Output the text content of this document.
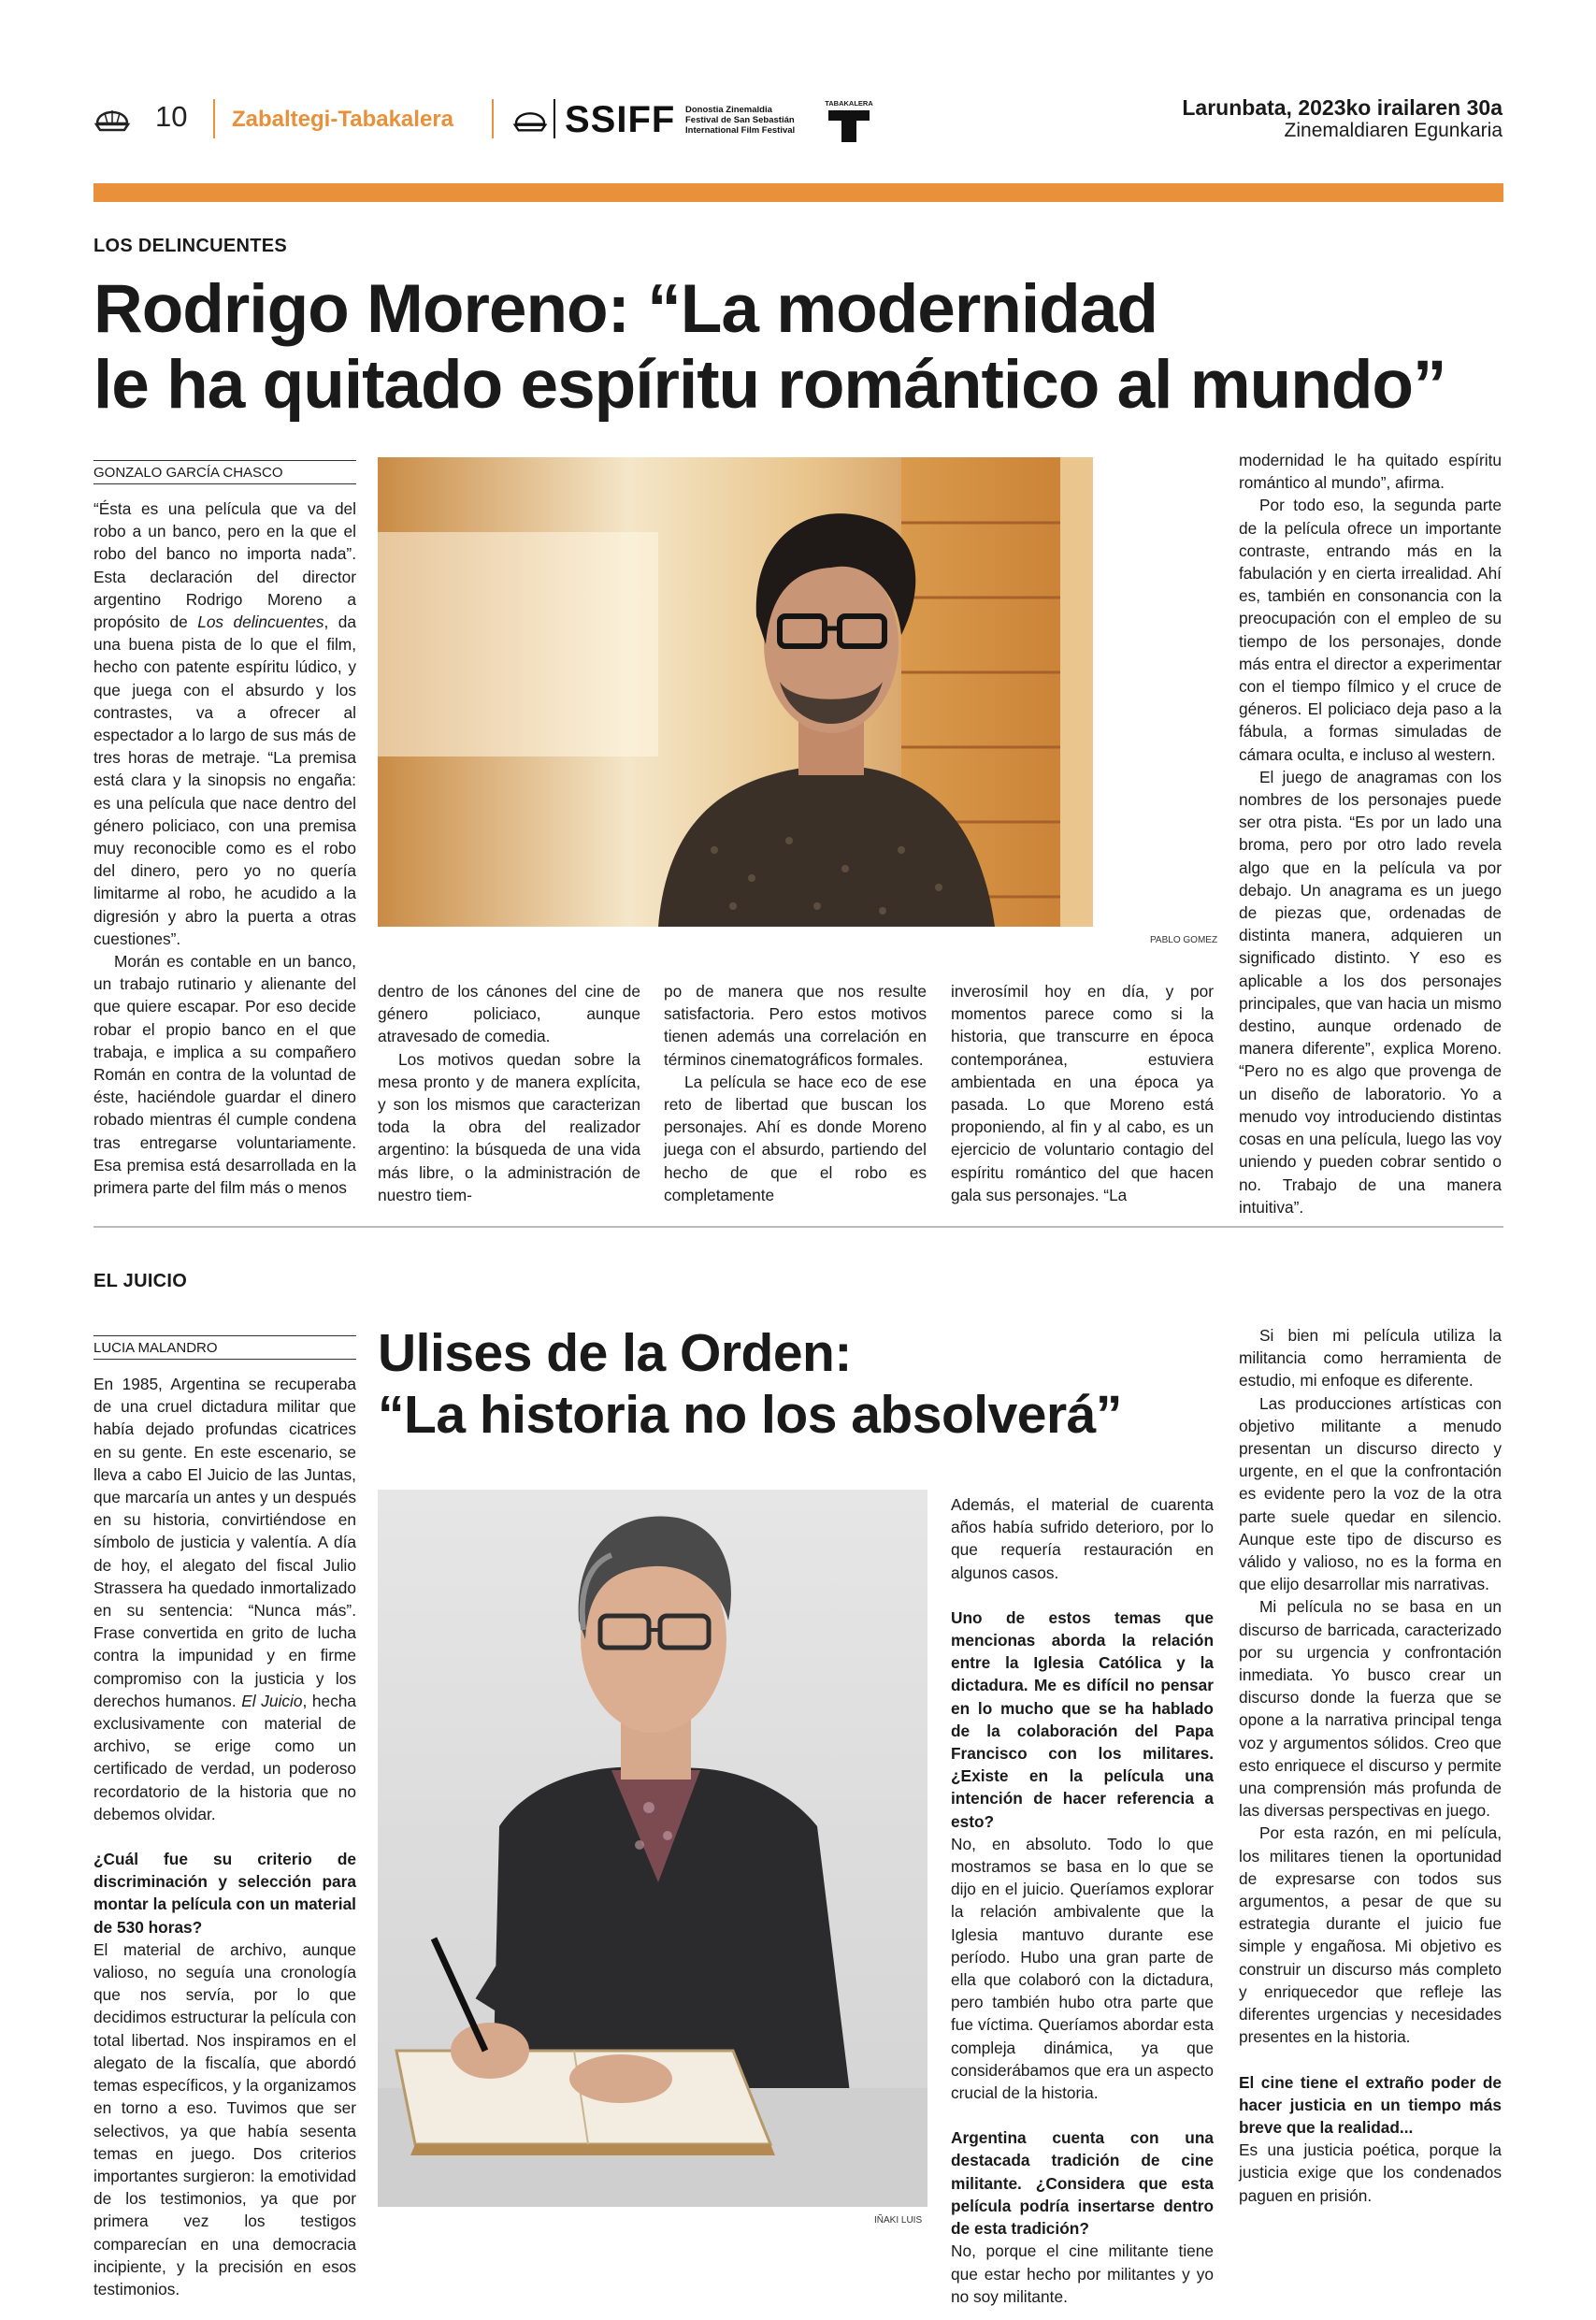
10 Zabaltegi-Tabakalera	SSIFF Donostia Zinemaldia
Festival de San Sebastián
International Film Festival
TABAKALERA	Larunbata, 2023ko irailaren 30a
Zinemaldiaren Egunkaria
LOS DELINCUENTES
Rodrigo Moreno: “La modernidad
le ha quitado espíritu romántico al mundo”
GONZALO GARCÍA CHASCO

“Ésta es una película que va del robo a un banco, pero en la que el robo del banco no importa nada”. Esta declaración del director argentino Rodrigo Moreno a propósito de Los delincuentes, da una buena pista de lo que el film, hecho con patente espíritu lúdico, y que juega con el absurdo y los contrastes, va a ofrecer al espectador a lo largo de sus más de tres horas de metraje. “La premisa está clara y la sinopsis no engaña: es una película que nace dentro del género policiaco, con una premisa muy reconocible como es el robo del dinero, pero yo no quería limitarme al robo, he acudido a la digresión y abro la puerta a otras cuestiones”.

Morán es contable en un banco, un trabajo rutinario y alienante del que quiere escapar. Por eso decide robar el propio banco en el que trabaja, e implica a su compañero Román en contra de la voluntad de éste, haciéndole guardar el dinero robado mientras él cumple condena tras entregarse voluntariamente. Esa premisa está desarrollada en la primera parte del film más o menos

PABLO GOMEZ

dentro de los cánones del cine de género policiaco, aunque atravesado de comedia.

Los motivos quedan sobre la mesa pronto y de manera explícita, y son los mismos que caracterizan toda la obra del realizador argentino: la búsqueda de una vida más libre, o la administración de nuestro tiem-

po de manera que nos resulte satisfactoria. Pero estos motivos tienen además una correlación en términos cinematográficos formales.

La película se hace eco de ese reto de libertad que buscan los personajes. Ahí es donde Moreno juega con el absurdo, partiendo del hecho de que el robo es completamente

inverosímil hoy en día, y por momentos parece como si la historia, que transcurre en época contemporánea, estuviera ambientada en una época ya pasada. Lo que Moreno está proponiendo, al fin y al cabo, es un ejercicio de voluntario contagio del espíritu romántico del que hacen gala sus personajes. “La

modernidad le ha quitado espíritu romántico al mundo”, afirma.

Por todo eso, la segunda parte de la película ofrece un importante contraste, entrando más en la fabulación y en cierta irrealidad. Ahí es, también en consonancia con la preocupación con el empleo de su tiempo de los personajes, donde más entra el director a experimentar con el tiempo fílmico y el cruce de géneros. El policiaco deja paso a la fábula, a formas simuladas de cámara oculta, e incluso al western.

El juego de anagramas con los nombres de los personajes puede ser otra pista. “Es por un lado una broma, pero por otro lado revela algo que en la película va por debajo. Un anagrama es un juego de piezas que, ordenadas de distinta manera, adquieren un significado distinto. Y eso es aplicable a los dos personajes principales, que van hacia un mismo destino, aunque ordenado de manera diferente”, explica Moreno. “Pero no es algo que provenga de un diseño de laboratorio. Yo a menudo voy introduciendo distintas cosas en una película, luego las voy uniendo y pueden cobrar sentido o no. Trabajo de una manera intuitiva”.

EL JUICIO
LUCIA MALANDRO	Ulises de la Orden:
“La historia no los absolverá”

En 1985, Argentina se recuperaba de una cruel dictadura militar que había dejado profundas cicatrices en su gente. En este escenario, se lleva a cabo El Juicio de las Juntas, que marcaría un antes y un después en su historia, convirtiéndose en símbolo de justicia y valentía. A día de hoy, el alegato del fiscal Julio Strassera ha quedado inmortalizado en su sentencia: “Nunca más”. Frase convertida en grito de lucha contra la impunidad y en firme compromiso con la justicia y los derechos humanos. El Juicio, hecha exclusivamente con material de archivo, se erige como un certificado de verdad, un poderoso recordatorio de la historia que no debemos olvidar.

¿Cuál fue su criterio de discriminación y selección para montar la película con un material de 530 horas?

El material de archivo, aunque valioso, no seguía una cronología que nos servía, por lo que decidimos estructurar la película con total libertad. Nos inspiramos en el alegato de la fiscalía, que abordó temas específicos, y la organizamos en torno a eso. Tuvimos que ser selectivos, ya que había sesenta temas en juego. Dos criterios importantes surgieron: la emotividad de los testimonios, ya que por primera vez los testigos comparecían en una democracia incipiente, y la precisión en esos testimonios.

IÑAKI LUIS

Además, el material de cuarenta años había sufrido deterioro, por lo que requería restauración en algunos casos.

Uno de estos temas que mencionas aborda la relación entre la Iglesia Católica y la dictadura. Me es difícil no pensar en lo mucho que se ha hablado de la colaboración del Papa Francisco con los militares. ¿Existe en la película una intención de hacer referencia a esto?

No, en absoluto. Todo lo que mostramos se basa en lo que se dijo en el juicio. Queríamos explorar la relación ambivalente que la Iglesia mantuvo durante ese período. Hubo una gran parte de ella que colaboró con la dictadura, pero también hubo otra parte que fue víctima. Queríamos abordar esta compleja dinámica, ya que considerábamos que era un aspecto crucial de la historia.

Argentina cuenta con una destacada tradición de cine militante. ¿Considera que esta película podría insertarse dentro de esta tradición?

No, porque el cine militante tiene que estar hecho por militantes y yo no soy militante.

Si bien mi película utiliza la militancia como herramienta de estudio, mi enfoque es diferente.

Las producciones artísticas con objetivo militante a menudo presentan un discurso directo y urgente, en el que la confrontación es evidente pero la voz de la otra parte suele quedar en silencio. Aunque este tipo de discurso es válido y valioso, no es la forma en que elijo desarrollar mis narrativas.

Mi película no se basa en un discurso de barricada, caracterizado por su urgencia y confrontación inmediata. Yo busco crear un discurso donde la fuerza que se opone a la narrativa principal tenga voz y argumentos sólidos. Creo que esto enriquece el discurso y permite una comprensión más profunda de las diversas perspectivas en juego.

Por esta razón, en mi película, los militares tienen la oportunidad de expresarse con todos sus argumentos, a pesar de que su estrategia durante el juicio fue simple y engañosa. Mi objetivo es construir un discurso más completo y enriquecedor que refleje las diferentes urgencias y necesidades presentes en la historia.

El cine tiene el extraño poder de hacer justicia en un tiempo más breve que la realidad...

Es una justicia poética, porque la justicia exige que los condenados paguen en prisión.
